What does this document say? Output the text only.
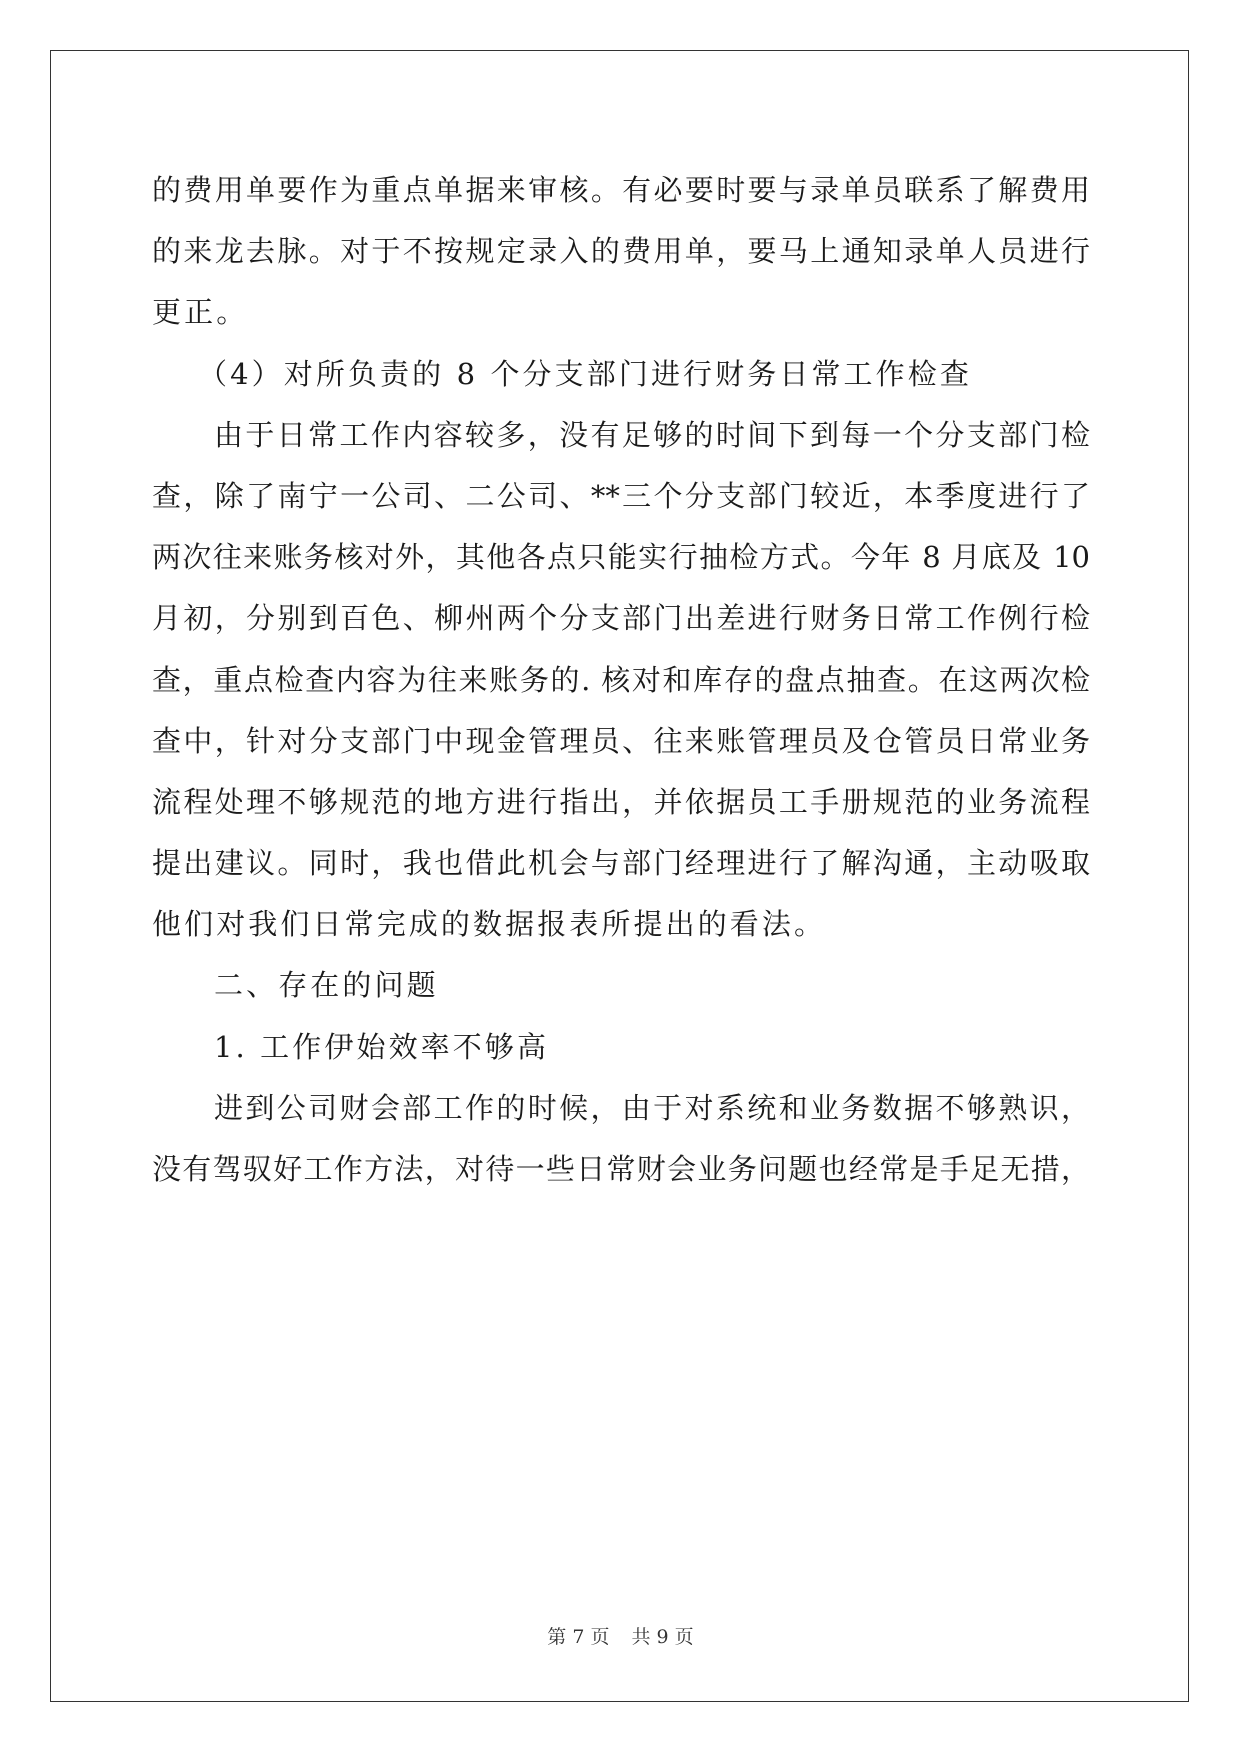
的费用单要作为重点单据来审核。有必要时要与录单员联系了解费用
的来龙去脉。对于不按规定录入的费用单，要马上通知录单人员进行
更正。
（4）对所负责的 8 个分支部门进行财务日常工作检查
由于日常工作内容较多，没有足够的时间下到每一个分支部门检
查，除了南宁一公司、二公司、**三个分支部门较近，本季度进行了
两次往来账务核对外，其他各点只能实行抽检方式。今年 8 月底及 10
月初，分别到百色、柳州两个分支部门出差进行财务日常工作例行检
查，重点检查内容为往来账务的. 核对和库存的盘点抽查。在这两次检
查中，针对分支部门中现金管理员、往来账管理员及仓管员日常业务
流程处理不够规范的地方进行指出，并依据员工手册规范的业务流程
提出建议。同时，我也借此机会与部门经理进行了解沟通，主动吸取
他们对我们日常完成的数据报表所提出的看法。
二、存在的问题
1. 工作伊始效率不够高
进到公司财会部工作的时候，由于对系统和业务数据不够熟识，
没有驾驭好工作方法，对待一些日常财会业务问题也经常是手足无措，
第 7 页 共 9 页
